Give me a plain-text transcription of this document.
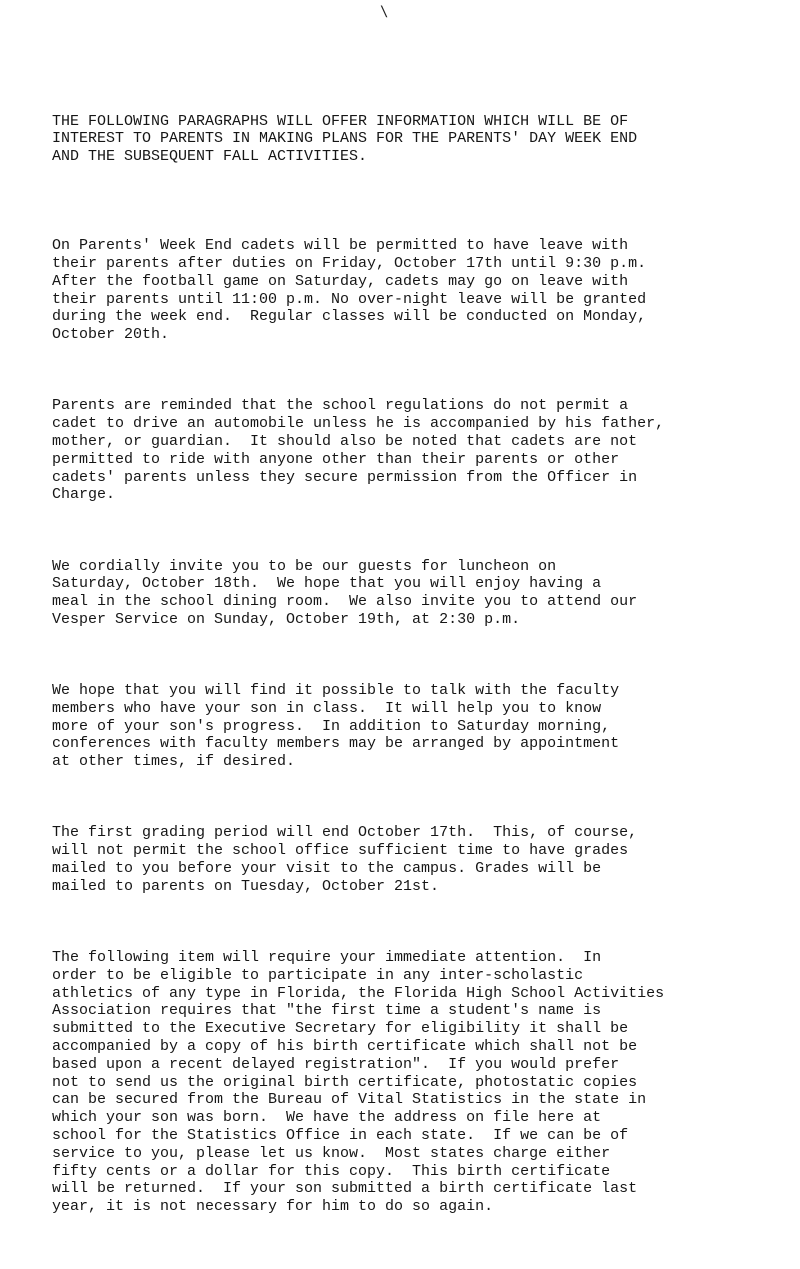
\

THE FOLLOWING PARAGRAPHS WILL OFFER INFORMATION WHICH WILL BE OF
INTEREST TO PARENTS IN MAKING PLANS FOR THE PARENTS' DAY WEEK END
AND THE SUBSEQUENT FALL ACTIVITIES.

On Parents' Week End cadets will be permitted to have leave with
their parents after duties on Friday, October 17th until 9:30 p.m.
After the football game on Saturday, cadets may go on leave with
their parents until 11:00 p.m. No over-night leave will be granted
during the week end.  Regular classes will be conducted on Monday,
October 20th.

Parents are reminded that the school regulations do not permit a
cadet to drive an automobile unless he is accompanied by his father,
mother, or guardian.  It should also be noted that cadets are not
permitted to ride with anyone other than their parents or other
cadets' parents unless they secure permission from the Officer in
Charge.

We cordially invite you to be our guests for luncheon on
Saturday, October 18th.  We hope that you will enjoy having a
meal in the school dining room.  We also invite you to attend our
Vesper Service on Sunday, October 19th, at 2:30 p.m.

We hope that you will find it possible to talk with the faculty
members who have your son in class.  It will help you to know
more of your son's progress.  In addition to Saturday morning,
conferences with faculty members may be arranged by appointment
at other times, if desired.

The first grading period will end October 17th.  This, of course,
will not permit the school office sufficient time to have grades
mailed to you before your visit to the campus. Grades will be
mailed to parents on Tuesday, October 21st.

The following item will require your immediate attention.  In
order to be eligible to participate in any inter-scholastic
athletics of any type in Florida, the Florida High School Activities
Association requires that "the first time a student's name is
submitted to the Executive Secretary for eligibility it shall be
accompanied by a copy of his birth certificate which shall not be
based upon a recent delayed registration".  If you would prefer
not to send us the original birth certificate, photostatic copies
can be secured from the Bureau of Vital Statistics in the state in
which your son was born.  We have the address on file here at
school for the Statistics Office in each state.  If we can be of
service to you, please let us know.  Most states charge either
fifty cents or a dollar for this copy.  This birth certificate
will be returned.  If your son submitted a birth certificate last
year, it is not necessary for him to do so again.
